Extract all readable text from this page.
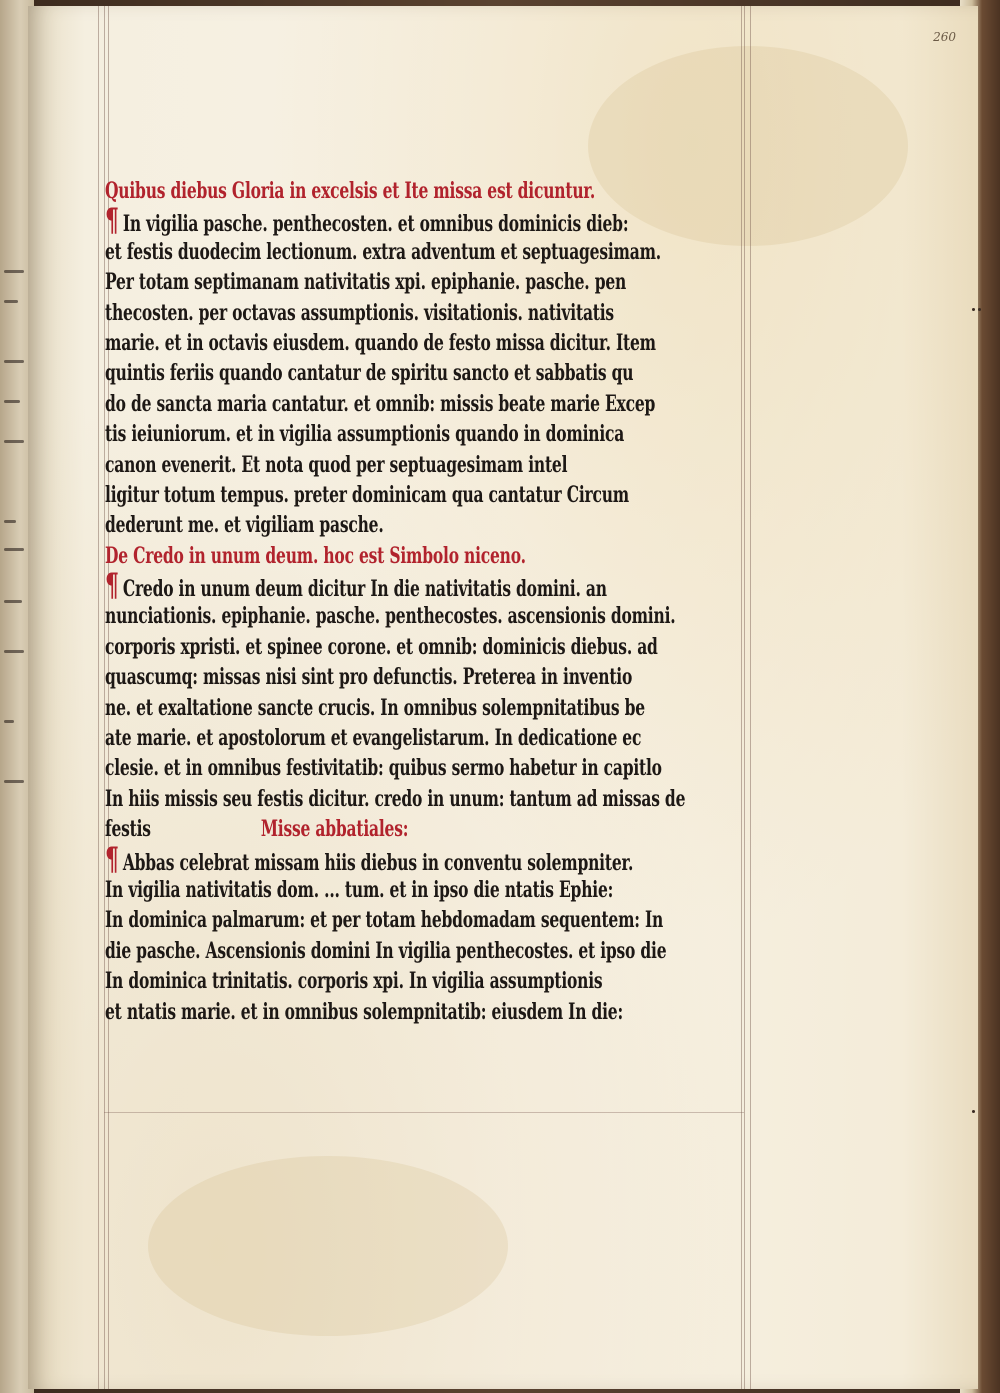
260
Quibus diebus Gloria in excelsis et Ite missa est dicuntur.
¶ In vigilia pasche. penthecosten. et omnibus dominicis dieb:
et festis duodecim lectionum. extra adventum et septuagesimam.
Per totam septimanam nativitatis xpi. epiphanie. pasche. pen
thecosten. per octavas assumptionis. visitationis. nativitatis
marie. et in octavis eiusdem. quando de festo missa dicitur. Item
quintis feriis quando cantatur de spiritu sancto et sabbatis qu
do de sancta maria cantatur. et omnib: missis beate marie Excep
tis ieiuniorum. et in vigilia assumptionis quando in dominica
canon evenerit. Et nota quod per septuagesimam intel
ligitur totum tempus. preter dominicam qua cantatur Circum
dederunt me. et vigiliam pasche.
De Credo in unum deum. hoc est Simbolo niceno.
¶ Credo in unum deum dicitur In die nativitatis domini. an
nunciationis. epiphanie. pasche. penthecostes. ascensionis domini.
corporis xpristi. et spinee corone. et omnib: dominicis diebus. ad
quascumq: missas nisi sint pro defunctis. Preterea in inventio
ne. et exaltatione sancte crucis. In omnibus solempnitatibus be
ate marie. et apostolorum et evangelistarum. In dedicatione ec
clesie. et in omnibus festivitatib: quibus sermo habetur in capitlo
In hiis missis seu festis dicitur. credo in unum: tantum ad missas de
festis	Misse abbatiales:
¶ Abbas celebrat missam hiis diebus in conventu solempniter.
In vigilia nativitatis dom. ... tum. et in ipso die ntatis Ephie:
In dominica palmarum: et per totam hebdomadam sequentem: In
die pasche. Ascensionis domini In vigilia penthecostes. et ipso die
In dominica trinitatis. corporis xpi. In vigilia assumptionis
et ntatis marie. et in omnibus solempnitatib: eiusdem In die:
